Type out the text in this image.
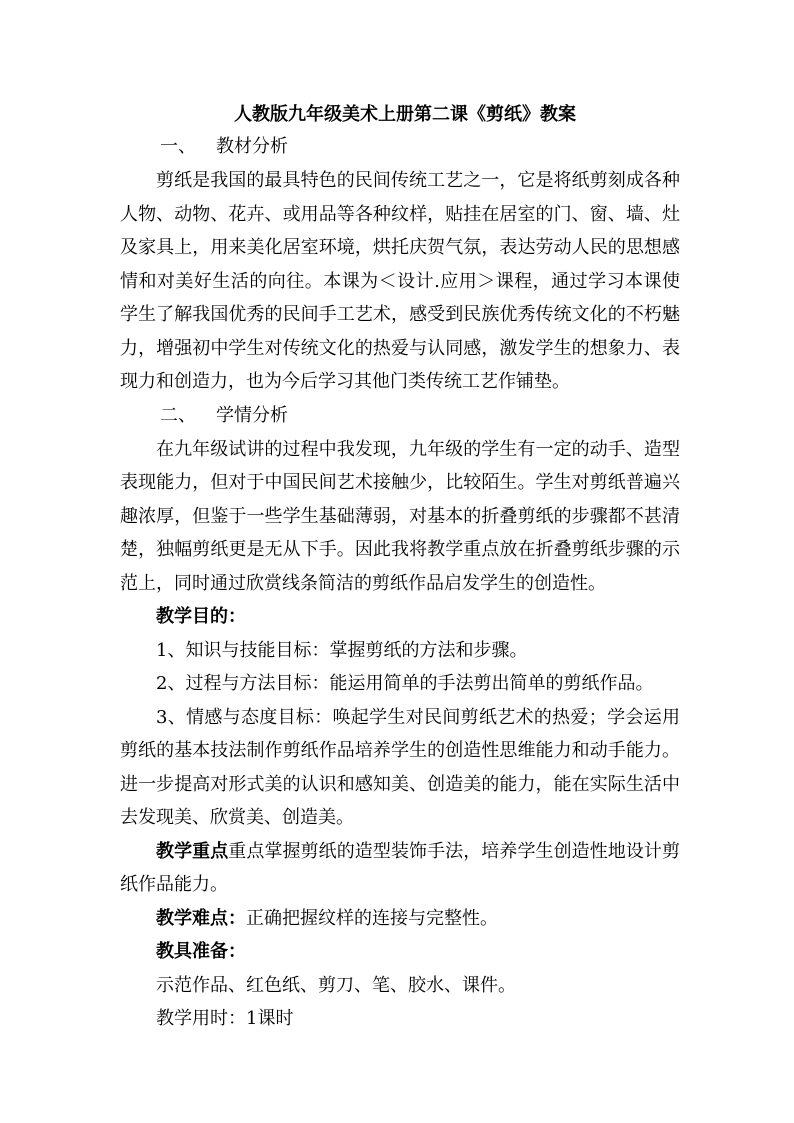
人教版九年级美术上册第二课《剪纸》教案

一、 教材分析

剪纸是我国的最具特色的民间传统工艺之一，它是将纸剪刻成各种人物、动物、花卉、或用品等各种纹样，贴挂在居室的门、窗、墙、灶及家具上，用来美化居室环境，烘托庆贺气氛，表达劳动人民的思想感情和对美好生活的向往。本课为＜设计.应用＞课程，通过学习本课使学生了解我国优秀的民间手工艺术，感受到民族优秀传统文化的不朽魅力，增强初中学生对传统文化的热爱与认同感，激发学生的想象力、表现力和创造力，也为今后学习其他门类传统工艺作铺垫。

二、 学情分析

在九年级试讲的过程中我发现，九年级的学生有一定的动手、造型表现能力，但对于中国民间艺术接触少，比较陌生。学生对剪纸普遍兴趣浓厚，但鉴于一些学生基础薄弱，对基本的折叠剪纸的步骤都不甚清楚，独幅剪纸更是无从下手。因此我将教学重点放在折叠剪纸步骤的示范上，同时通过欣赏线条简洁的剪纸作品启发学生的创造性。

教学目的：

1、知识与技能目标：掌握剪纸的方法和步骤。

2、过程与方法目标：能运用简单的手法剪出简单的剪纸作品。

3、情感与态度目标：唤起学生对民间剪纸艺术的热爱；学会运用剪纸的基本技法制作剪纸作品培养学生的创造性思维能力和动手能力。进一步提高对形式美的认识和感知美、创造美的能力，能在实际生活中去发现美、欣赏美、创造美。

教学重点重点掌握剪纸的造型装饰手法，培养学生创造性地设计剪纸作品能力。

教学难点：正确把握纹样的连接与完整性。

教具准备：

示范作品、红色纸、剪刀、笔、胶水、课件。

教学用时：1课时
